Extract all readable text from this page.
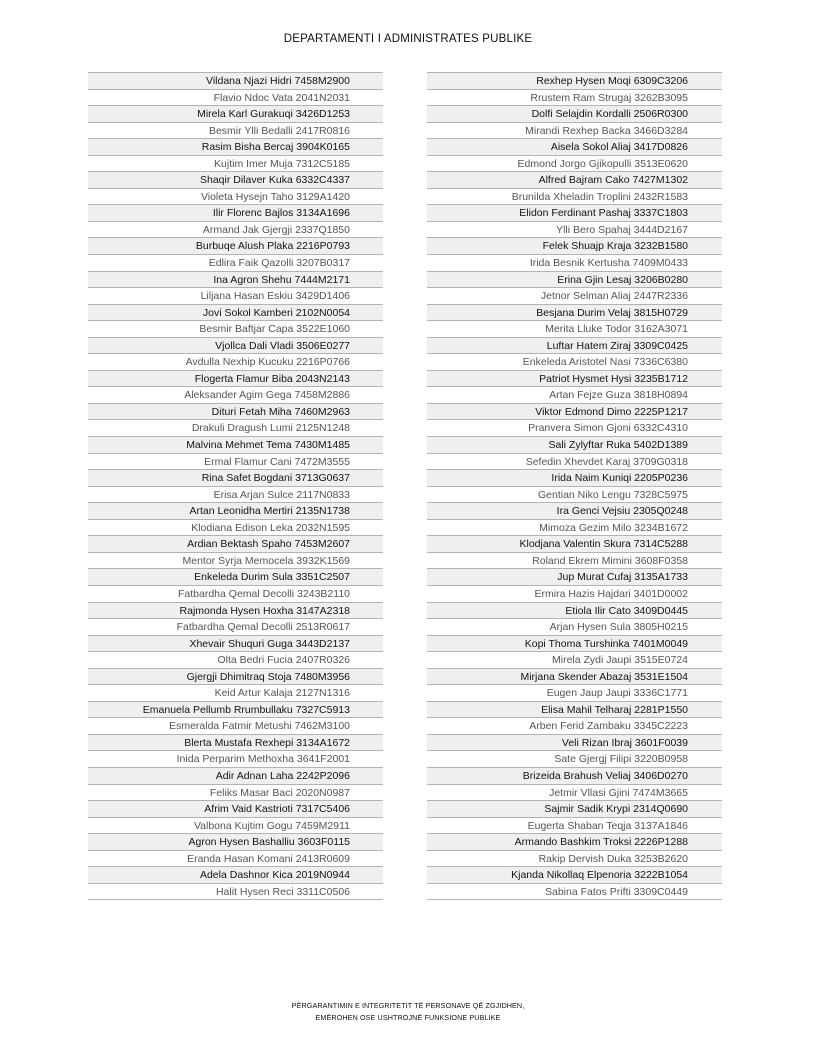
DEPARTAMENTI I ADMINISTRATES PUBLIKE
Vildana Njazi Hidri 7458M2900
Flavio Ndoc Vata 2041N2031
Mirela Karl Gurakuqi 3426D1253
Besmir Ylli Bedalli 2417R0816
Rasim Bisha Bercaj 3904K0165
Kujtim Imer Muja 7312C5185
Shaqir Dilaver Kuka 6332C4337
Violeta Hysejn Taho 3129A1420
Ilir Florenc Bajlos 3134A1696
Armand Jak Gjergji 2337Q1850
Burbuqe Alush Plaka 2216P0793
Edlira Faik Qazolli 3207B0317
Ina Agron Shehu 7444M2171
Liljana Hasan Eskiu 3429D1406
Jovi Sokol Kamberi 2102N0054
Besmir Baftjar Capa 3522E1060
Vjollca Dali Vladi 3506E0277
Avdulla Nexhip Kucuku 2216P0766
Flogerta Flamur Biba 2043N2143
Aleksander Agim Gega 7458M2886
Dituri Fetah Miha 7460M2963
Drakuli Dragush Lumi 2125N1248
Malvina Mehmet Tema 7430M1485
Ermal Flamur Cani 7472M3555
Rina Safet Bogdani 3713G0637
Erisa Arjan Sulce 2117N0833
Artan Leonidha Mertiri 2135N1738
Klodiana Edison Leka 2032N1595
Ardian Bektash Spaho 7453M2607
Mentor Syrja Memocela 3932K1569
Enkeleda Durim Sula 3351C2507
Fatbardha Qemal Decolli 3243B2110
Rajmonda Hysen Hoxha 3147A2318
Fatbardha Qemal Decolli 2513R0617
Xhevair Shuquri Guga 3443D2137
Olta Bedri Fucia 2407R0326
Gjergji Dhimitraq Stoja 7480M3956
Keid Artur Kalaja 2127N1316
Emanuela Pellumb Rrumbullaku 7327C5913
Esmeralda Fatmir Metushi 7462M3100
Blerta Mustafa Rexhepi 3134A1672
Inida Perparim Methoxha 3641F2001
Adir Adnan Laha 2242P2096
Feliks Masar Baci 2020N0987
Afrim Vaid Kastrioti 7317C5406
Valbona Kujtim Gogu 7459M2911
Agron Hysen Bashalliu 3603F0115
Eranda Hasan Komani 2413R0609
Adela Dashnor Kica 2019N0944
Halit Hysen Reci 3311C0506
Rexhep Hysen Moqi 6309C3206
Rrustem Ram Strugaj 3262B3095
Dolfi Selajdin Kordalli 2506R0300
Mirandi Rexhep Backa 3466D3284
Aisela Sokol Aliaj 3417D0826
Edmond Jorgo Gjikopulli 3513E0620
Alfred Bajram Cako 7427M1302
Brunilda Xheladin Troplini 2432R1583
Elidon Ferdinant Pashaj 3337C1803
Ylli Bero Spahaj 3444D2167
Felek Shuajp Kraja 3232B1580
Irida Besnik Kertusha 7409M0433
Erina Gjin Lesaj 3206B0280
Jetnor Selman Aliaj 2447R2336
Besjana Durim Velaj 3815H0729
Merita Lluke Todor 3162A3071
Luftar Hatem Ziraj 3309C0425
Enkeleda Aristotel Nasi 7336C6380
Patriot Hysmet Hysi 3235B1712
Artan Fejze Guza 3818H0894
Viktor Edmond Dimo 2225P1217
Pranvera Simon Gjoni 6332C4310
Sali Zylyftar Ruka 5402D1389
Sefedin Xhevdet Karaj 3709G0318
Irida Naim Kuniqi 2205P0236
Gentian Niko Lengu 7328C5975
Ira Genci Vejsiu 2305Q0248
Mimoza Gezim Milo 3234B1672
Klodjana Valentin Skura 7314C5288
Roland Ekrem Mimini 3608F0358
Jup Murat Cufaj 3135A1733
Ermira Hazis Hajdari 3401D0002
Etiola Ilir Cato 3409D0445
Arjan Hysen Sula 3805H0215
Kopi Thoma Turshinka 7401M0049
Mirela Zydi Jaupi 3515E0724
Mirjana Skender Abazaj 3531E1504
Eugen Jaup Jaupi 3336C1771
Elisa Mahil Telharaj 2281P1550
Arben Ferid Zambaku 3345C2223
Veli Rizan Ibraj 3601F0039
Sate Gjergj Filipi 3220B0958
Brizeida Brahush Veliaj 3406D0270
Jetmir Vllasi Gjini 7474M3665
Sajmir Sadik Krypi 2314Q0690
Eugerta Shaban Teqja 3137A1846
Armando Bashkim Troksi 2226P1288
Rakip Dervish Duka 3253B2620
Kjanda Nikollaq Elpenoria 3222B1054
Sabina Fatos Prifti 3309C0449
PËRGARANTIMIN E INTEGRITETIT TË PERSONAVE QË ZGJIDHEN,
EMËROHEN OSE USHTROJNË FUNKSIONE PUBLIKE
